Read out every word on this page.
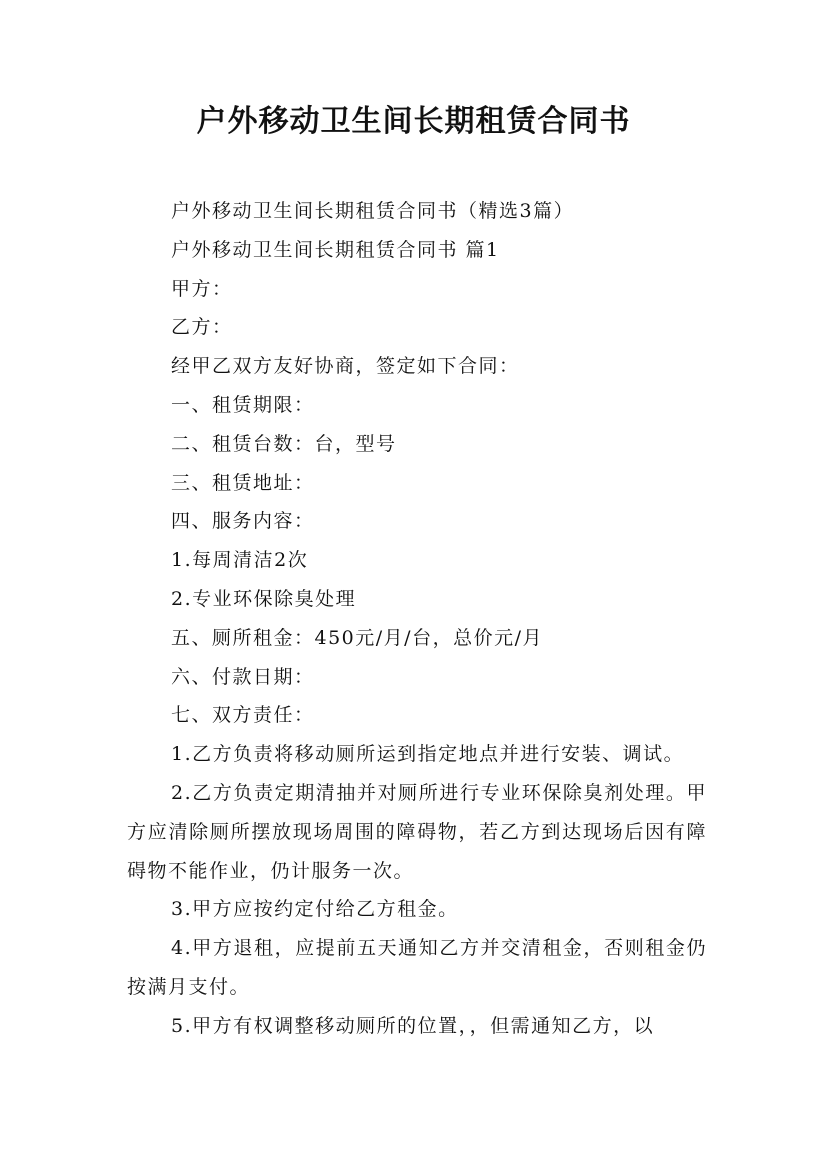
户外移动卫生间长期租赁合同书

户外移动卫生间长期租赁合同书（精选3篇）

户外移动卫生间长期租赁合同书 篇1

甲方：

乙方：

经甲乙双方友好协商，签定如下合同：

一、租赁期限：

二、租赁台数：台，型号

三、租赁地址：

四、服务内容：

1.每周清洁2次

2.专业环保除臭处理

五、厕所租金：450元/月/台，总价元/月

六、付款日期：

七、双方责任：

1.乙方负责将移动厕所运到指定地点并进行安装、调试。

2.乙方负责定期清抽并对厕所进行专业环保除臭剂处理。甲方应清除厕所摆放现场周围的障碍物，若乙方到达现场后因有障碍物不能作业，仍计服务一次。

3.甲方应按约定付给乙方租金。

4.甲方退租，应提前五天通知乙方并交清租金，否则租金仍按满月支付。

5.甲方有权调整移动厕所的位置，，但需通知乙方，以
